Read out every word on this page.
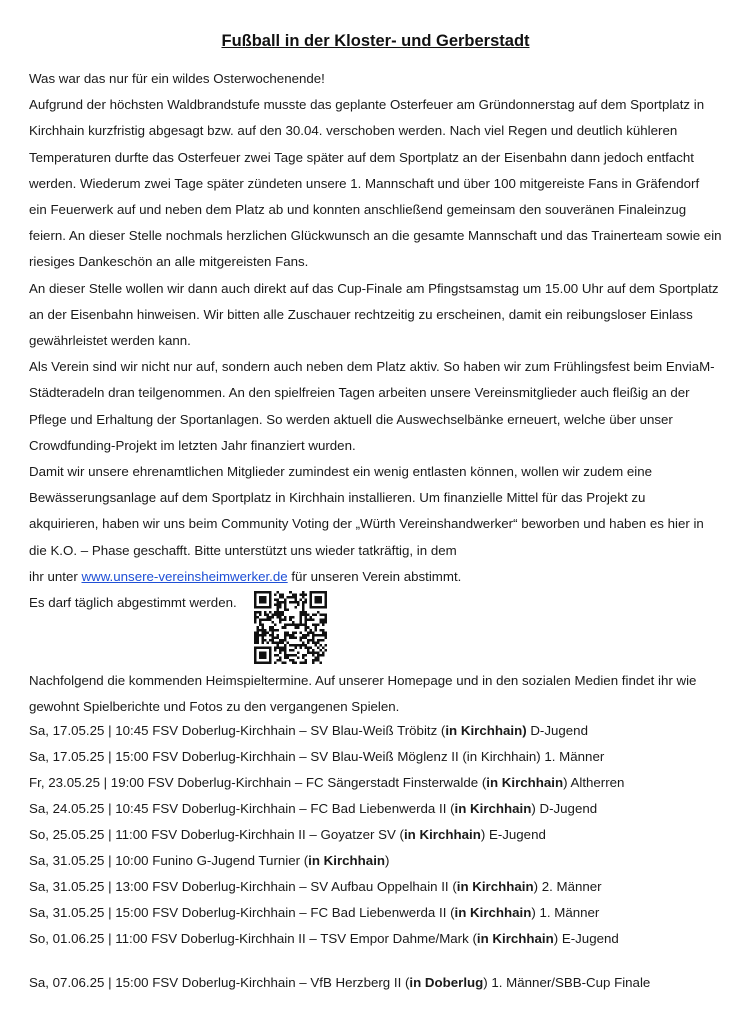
Fußball in der Kloster- und Gerberstadt
Was war das nur für ein wildes Osterwochenende!
Aufgrund der höchsten Waldbrandstufe musste das geplante Osterfeuer am Gründonnerstag auf dem Sportplatz in
Kirchhain kurzfristig abgesagt bzw. auf den 30.04. verschoben werden. Nach viel Regen und deutlich kühleren
Temperaturen durfte das Osterfeuer zwei Tage später auf dem Sportplatz an der Eisenbahn dann jedoch entfacht
werden. Wiederum zwei Tage später zündeten unsere 1. Mannschaft und über 100 mitgereiste Fans in Gräfendorf
ein Feuerwerk auf und neben dem Platz ab und konnten anschließend gemeinsam den souveränen Finaleinzug
feiern. An dieser Stelle nochmals herzlichen Glückwunsch an die gesamte Mannschaft und das Trainerteam sowie ein
riesiges Dankeschön an alle mitgereisten Fans.
An dieser Stelle wollen wir dann auch direkt auf das Cup-Finale am Pfingstsamstag um 15.00 Uhr auf dem Sportplatz
an der Eisenbahn hinweisen. Wir bitten alle Zuschauer rechtzeitig zu erscheinen, damit ein reibungsloser Einlass
gewährleistet werden kann.
Als Verein sind wir nicht nur auf, sondern auch neben dem Platz aktiv. So haben wir zum Frühlingsfest beim EnviaM-
Städteradeln dran teilgenommen. An den spielfreien Tagen arbeiten unsere Vereinsmitglieder auch fleißig an der
Pflege und Erhaltung der Sportanlagen. So werden aktuell die Auswechselbänke erneuert, welche über unser
Crowdfunding-Projekt im letzten Jahr finanziert wurden.
Damit wir unsere ehrenamtlichen Mitglieder zumindest ein wenig entlasten können, wollen wir zudem eine
Bewässerungsanlage auf dem Sportplatz in Kirchhain installieren. Um finanzielle Mittel für das Projekt zu
akquirieren, haben wir uns beim Community Voting der „Würth Vereinshandwerker“ beworben und haben es hier in
die K.O. – Phase geschafft. Bitte unterstützt uns wieder tatkräftig, in dem
ihr unter www.unsere-vereinsheimwerker.de für unseren Verein abstimmt.
Es darf täglich abgestimmt werden.
Nachfolgend die kommenden Heimspieltermine. Auf unserer Homepage und in den sozialen Medien findet ihr wie
gewohnt Spielberichte und Fotos zu den vergangenen Spielen.
Sa, 17.05.25 | 10:45 FSV Doberlug-Kirchhain – SV Blau-Weiß Tröbitz (in Kirchhain) D-Jugend
Sa, 17.05.25 | 15:00 FSV Doberlug-Kirchhain – SV Blau-Weiß Möglenz II (in Kirchhain) 1. Männer
Fr, 23.05.25 | 19:00 FSV Doberlug-Kirchhain – FC Sängerstadt Finsterwalde (in Kirchhain) Altherren
Sa, 24.05.25 | 10:45 FSV Doberlug-Kirchhain – FC Bad Liebenwerda II (in Kirchhain) D-Jugend
So, 25.05.25 | 11:00 FSV Doberlug-Kirchhain II – Goyatzer SV (in Kirchhain) E-Jugend
Sa, 31.05.25 | 10:00 Funino G-Jugend Turnier (in Kirchhain)
Sa, 31.05.25 | 13:00 FSV Doberlug-Kirchhain – SV Aufbau Oppelhain II (in Kirchhain) 2. Männer
Sa, 31.05.25 | 15:00 FSV Doberlug-Kirchhain – FC Bad Liebenwerda II (in Kirchhain) 1. Männer
So, 01.06.25 | 11:00 FSV Doberlug-Kirchhain II – TSV Empor Dahme/Mark (in Kirchhain) E-Jugend
Sa, 07.06.25 | 15:00 FSV Doberlug-Kirchhain – VfB Herzberg II (in Doberlug) 1. Männer/SBB-Cup Finale
